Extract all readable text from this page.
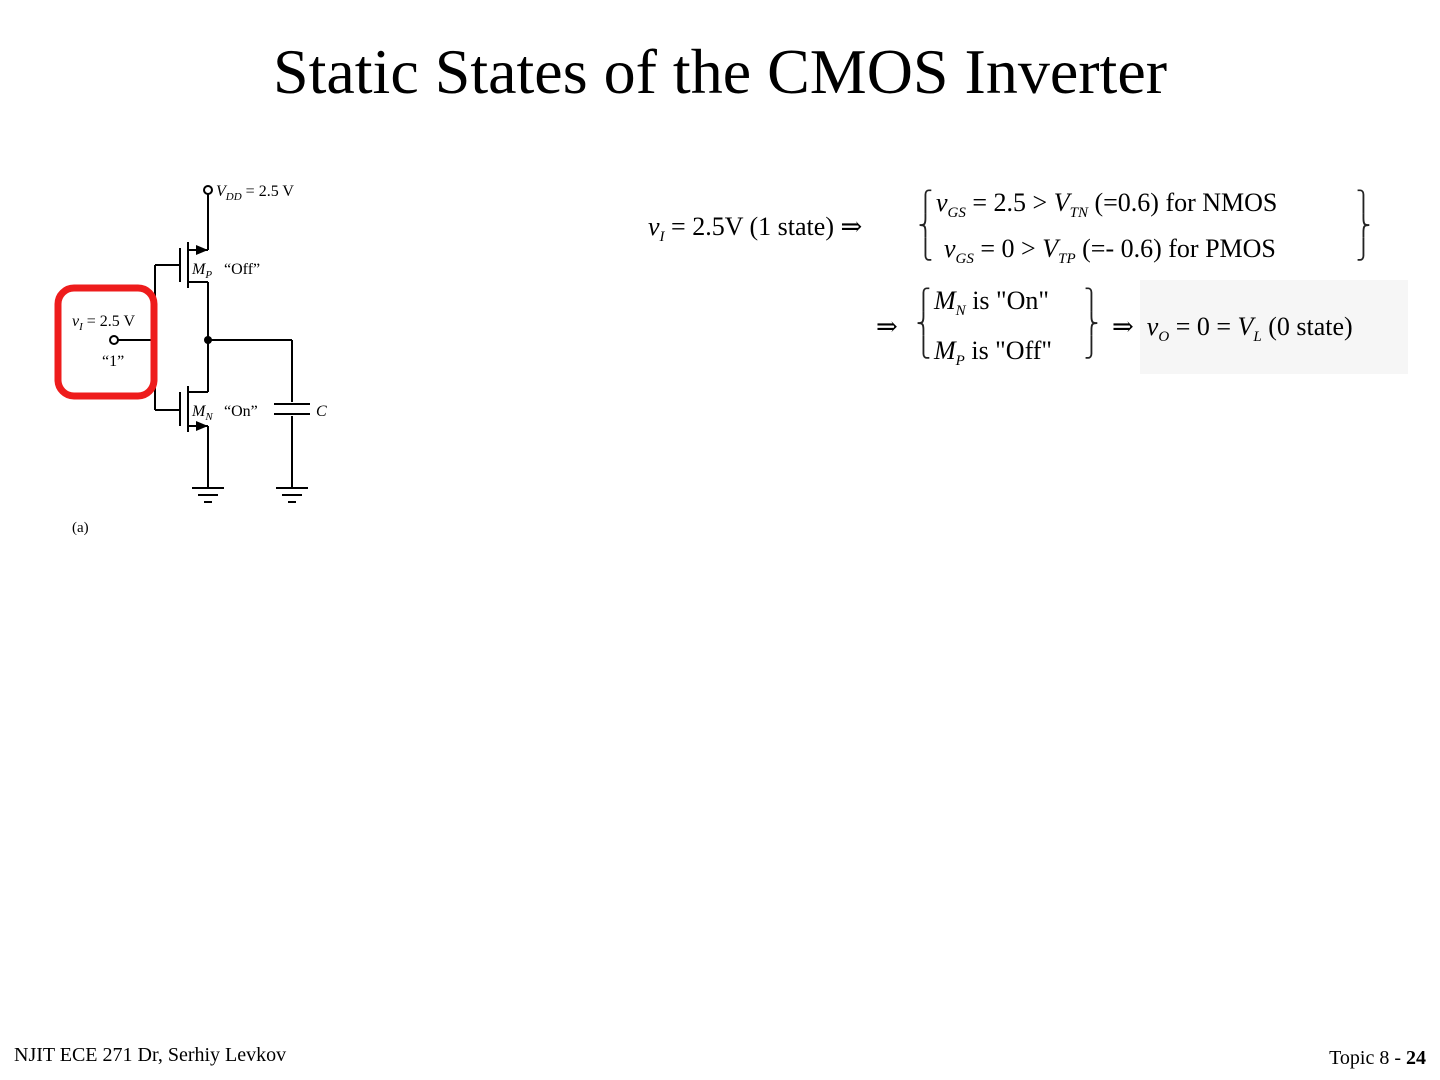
Static States of the CMOS Inverter
$V_{DD} = 2.5$ V
$M_P$ “Off”
$M_N$ “On”
$v_I = 2.5$ V
“1”
C
(a)
$v_I = 2.5V$ (1 state) ⇒
⎧
⎨
⎩
$v_{GS} = 2.5 > V_{TN}$ (=0.6) for NMOS
$v_{GS} = 0 > V_{TP}$ (=- 0.6) for PMOS
⎫
⎬
⎭
⇒
⎧
⎨
⎩
$M_N$ is "On"
$M_P$ is "Off"
⎫
⎬
⎭
⇒ $v_O = 0 = V_L$ (0 state)
NJIT ECE 271 Dr, Serhiy Levkov	Topic 8 - 24
